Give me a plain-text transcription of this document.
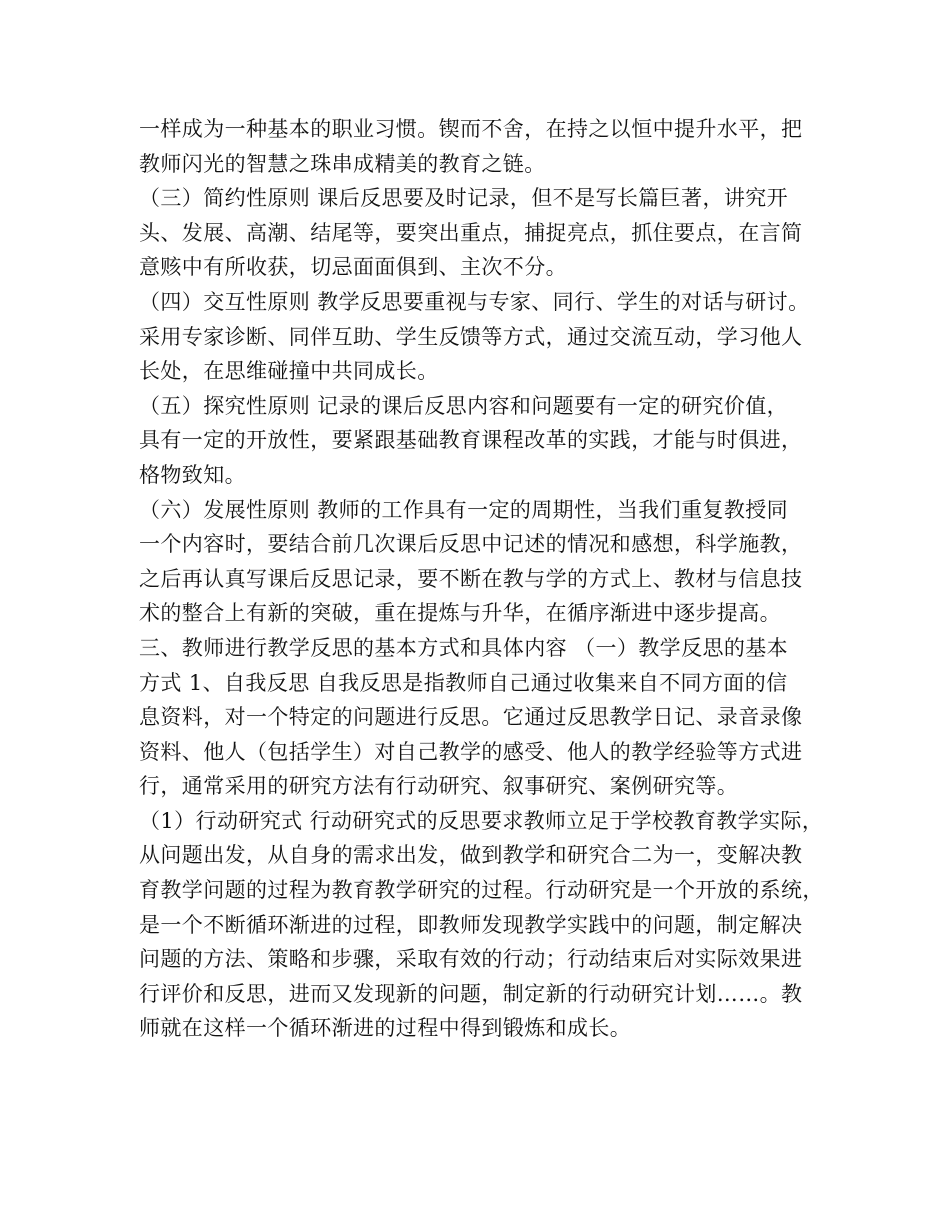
一样成为一种基本的职业习惯。锲而不舍，在持之以恒中提升水平，把
教师闪光的智慧之珠串成精美的教育之链。
（三）简约性原则 课后反思要及时记录，但不是写长篇巨著，讲究开
头、发展、高潮、结尾等，要突出重点，捕捉亮点，抓住要点，在言简
意赅中有所收获，切忌面面俱到、主次不分。
（四）交互性原则 教学反思要重视与专家、同行、学生的对话与研讨。
采用专家诊断、同伴互助、学生反馈等方式，通过交流互动，学习他人
长处，在思维碰撞中共同成长。
（五）探究性原则 记录的课后反思内容和问题要有一定的研究价值，
具有一定的开放性，要紧跟基础教育课程改革的实践，才能与时俱进，
格物致知。
（六）发展性原则 教师的工作具有一定的周期性，当我们重复教授同
一个内容时，要结合前几次课后反思中记述的情况和感想，科学施教，
之后再认真写课后反思记录，要不断在教与学的方式上、教材与信息技
术的整合上有新的突破，重在提炼与升华，在循序渐进中逐步提高。
三、教师进行教学反思的基本方式和具体内容 （一）教学反思的基本
方式 1、自我反思 自我反思是指教师自己通过收集来自不同方面的信
息资料，对一个特定的问题进行反思。它通过反思教学日记、录音录像
资料、他人（包括学生）对自己教学的感受、他人的教学经验等方式进
行，通常采用的研究方法有行动研究、叙事研究、案例研究等。
（1）行动研究式 行动研究式的反思要求教师立足于学校教育教学实际，
从问题出发，从自身的需求出发，做到教学和研究合二为一，变解决教
育教学问题的过程为教育教学研究的过程。行动研究是一个开放的系统，
是一个不断循环渐进的过程，即教师发现教学实践中的问题，制定解决
问题的方法、策略和步骤，采取有效的行动；行动结束后对实际效果进
行评价和反思，进而又发现新的问题，制定新的行动研究计划……。教
师就在这样一个循环渐进的过程中得到锻炼和成长。
